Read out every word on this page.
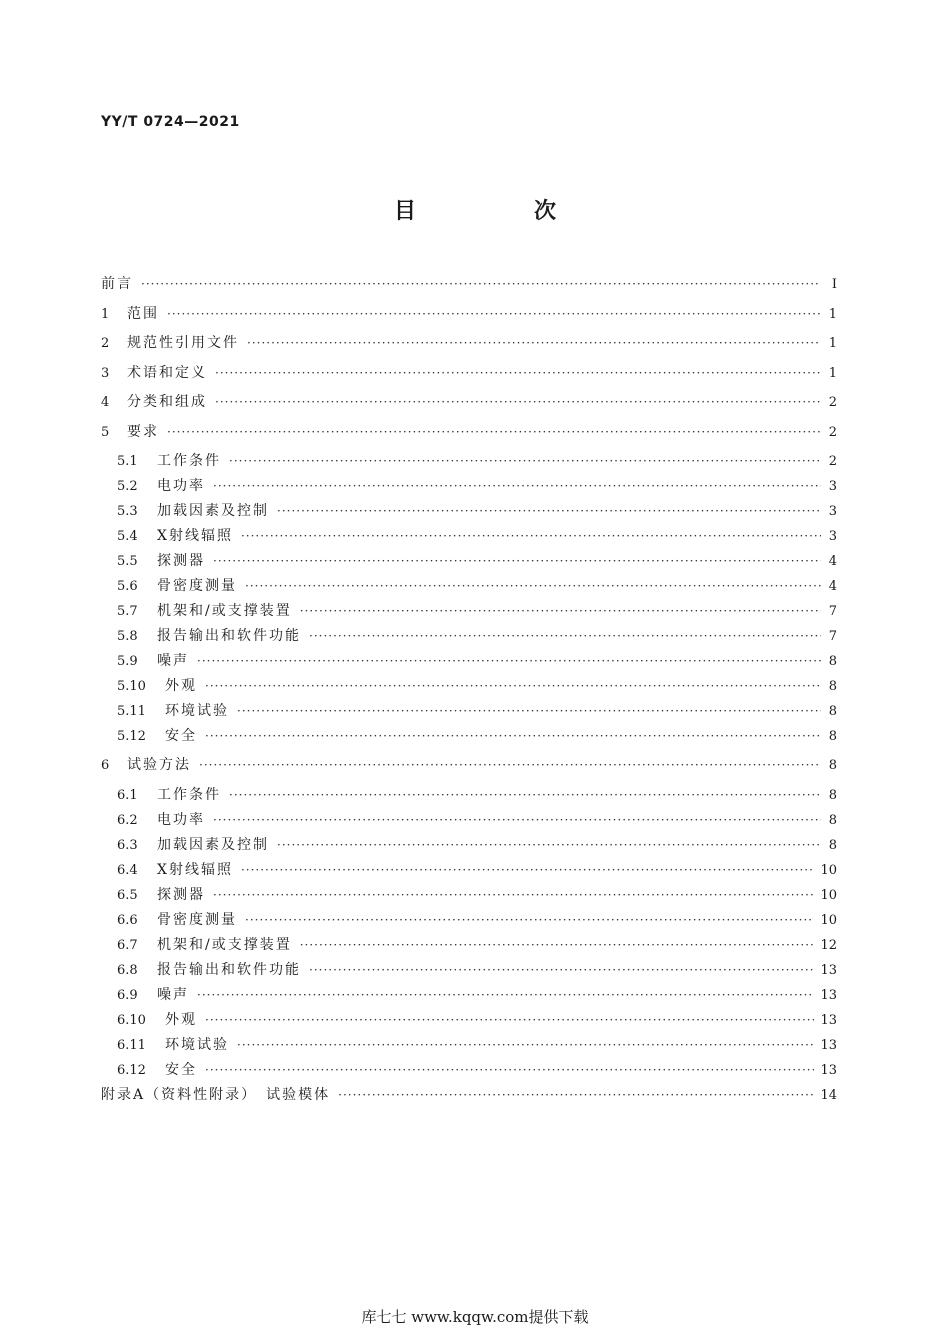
YY/T 0724—2021

目　次
前言 ·····	I
1	范围 ·····	1
2	规范性引用文件 ·····	1
3	术语和定义 ·····	1
4	分类和组成 ·····	2
5	要求 ·····	2
5.1	工作条件 ·····	2
5.2	电功率 ·····	3
5.3	加载因素及控制 ·····	3
5.4	X射线辐照 ·····	3
5.5	探测器 ·····	4
5.6	骨密度测量 ·····	4
5.7	机架和/或支撑装置 ·····	7
5.8	报告输出和软件功能 ·····	7
5.9	噪声 ·····	8
5.10	外观 ·····	8
5.11	环境试验 ·····	8
5.12	安全 ·····	8
6	试验方法 ·····	8
6.1	工作条件 ·····	8
6.2	电功率 ·····	8
6.3	加载因素及控制 ·····	8
6.4	X射线辐照 ·····	10
6.5	探测器 ·····	10
6.6	骨密度测量 ·····	10
6.7	机架和/或支撑装置 ·····	12
6.8	报告输出和软件功能 ·····	13
6.9	噪声 ·····	13
6.10	外观 ·····	13
6.11	环境试验 ·····	13
6.12	安全 ·····	13
附录A（资料性附录）　试验模体 ·····	14

库七七 www.kqqw.com提供下载
